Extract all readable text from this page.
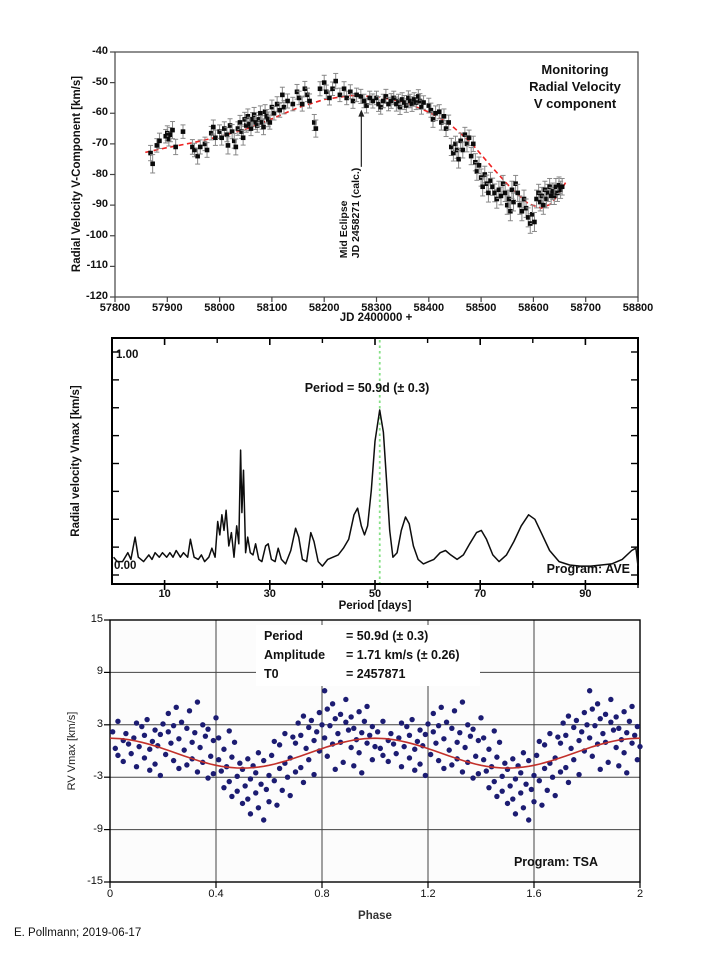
Radial Velocity V-Component [km/s]
JD 2400000 +
Monitoring
Radial Velocity
V component
Mid Eclipse JD 2458271 (calc.)
Radial velocity Vmax [km/s]
Period [days]
1.00
0.00
Period = 50.9d (± 0.3)
Program: AVE
RV Vmax [km/s]
Phase
Period	= 50.9d (± 0.3)
Amplitude	= 1.71 km/s (± 0.26)
T0	= 2457871
Program: TSA
E. Pollmann; 2019-06-17
57800	57900	58000	58100	58200	58300	58400	58500	58600	58700	58800
-40
-50
-60
-70
-80
-90
-100
-110
-120
10	30	50	70	90
0	0.4	0.8	1.2	1.6	2
15
9
3
-3
-9
-15
